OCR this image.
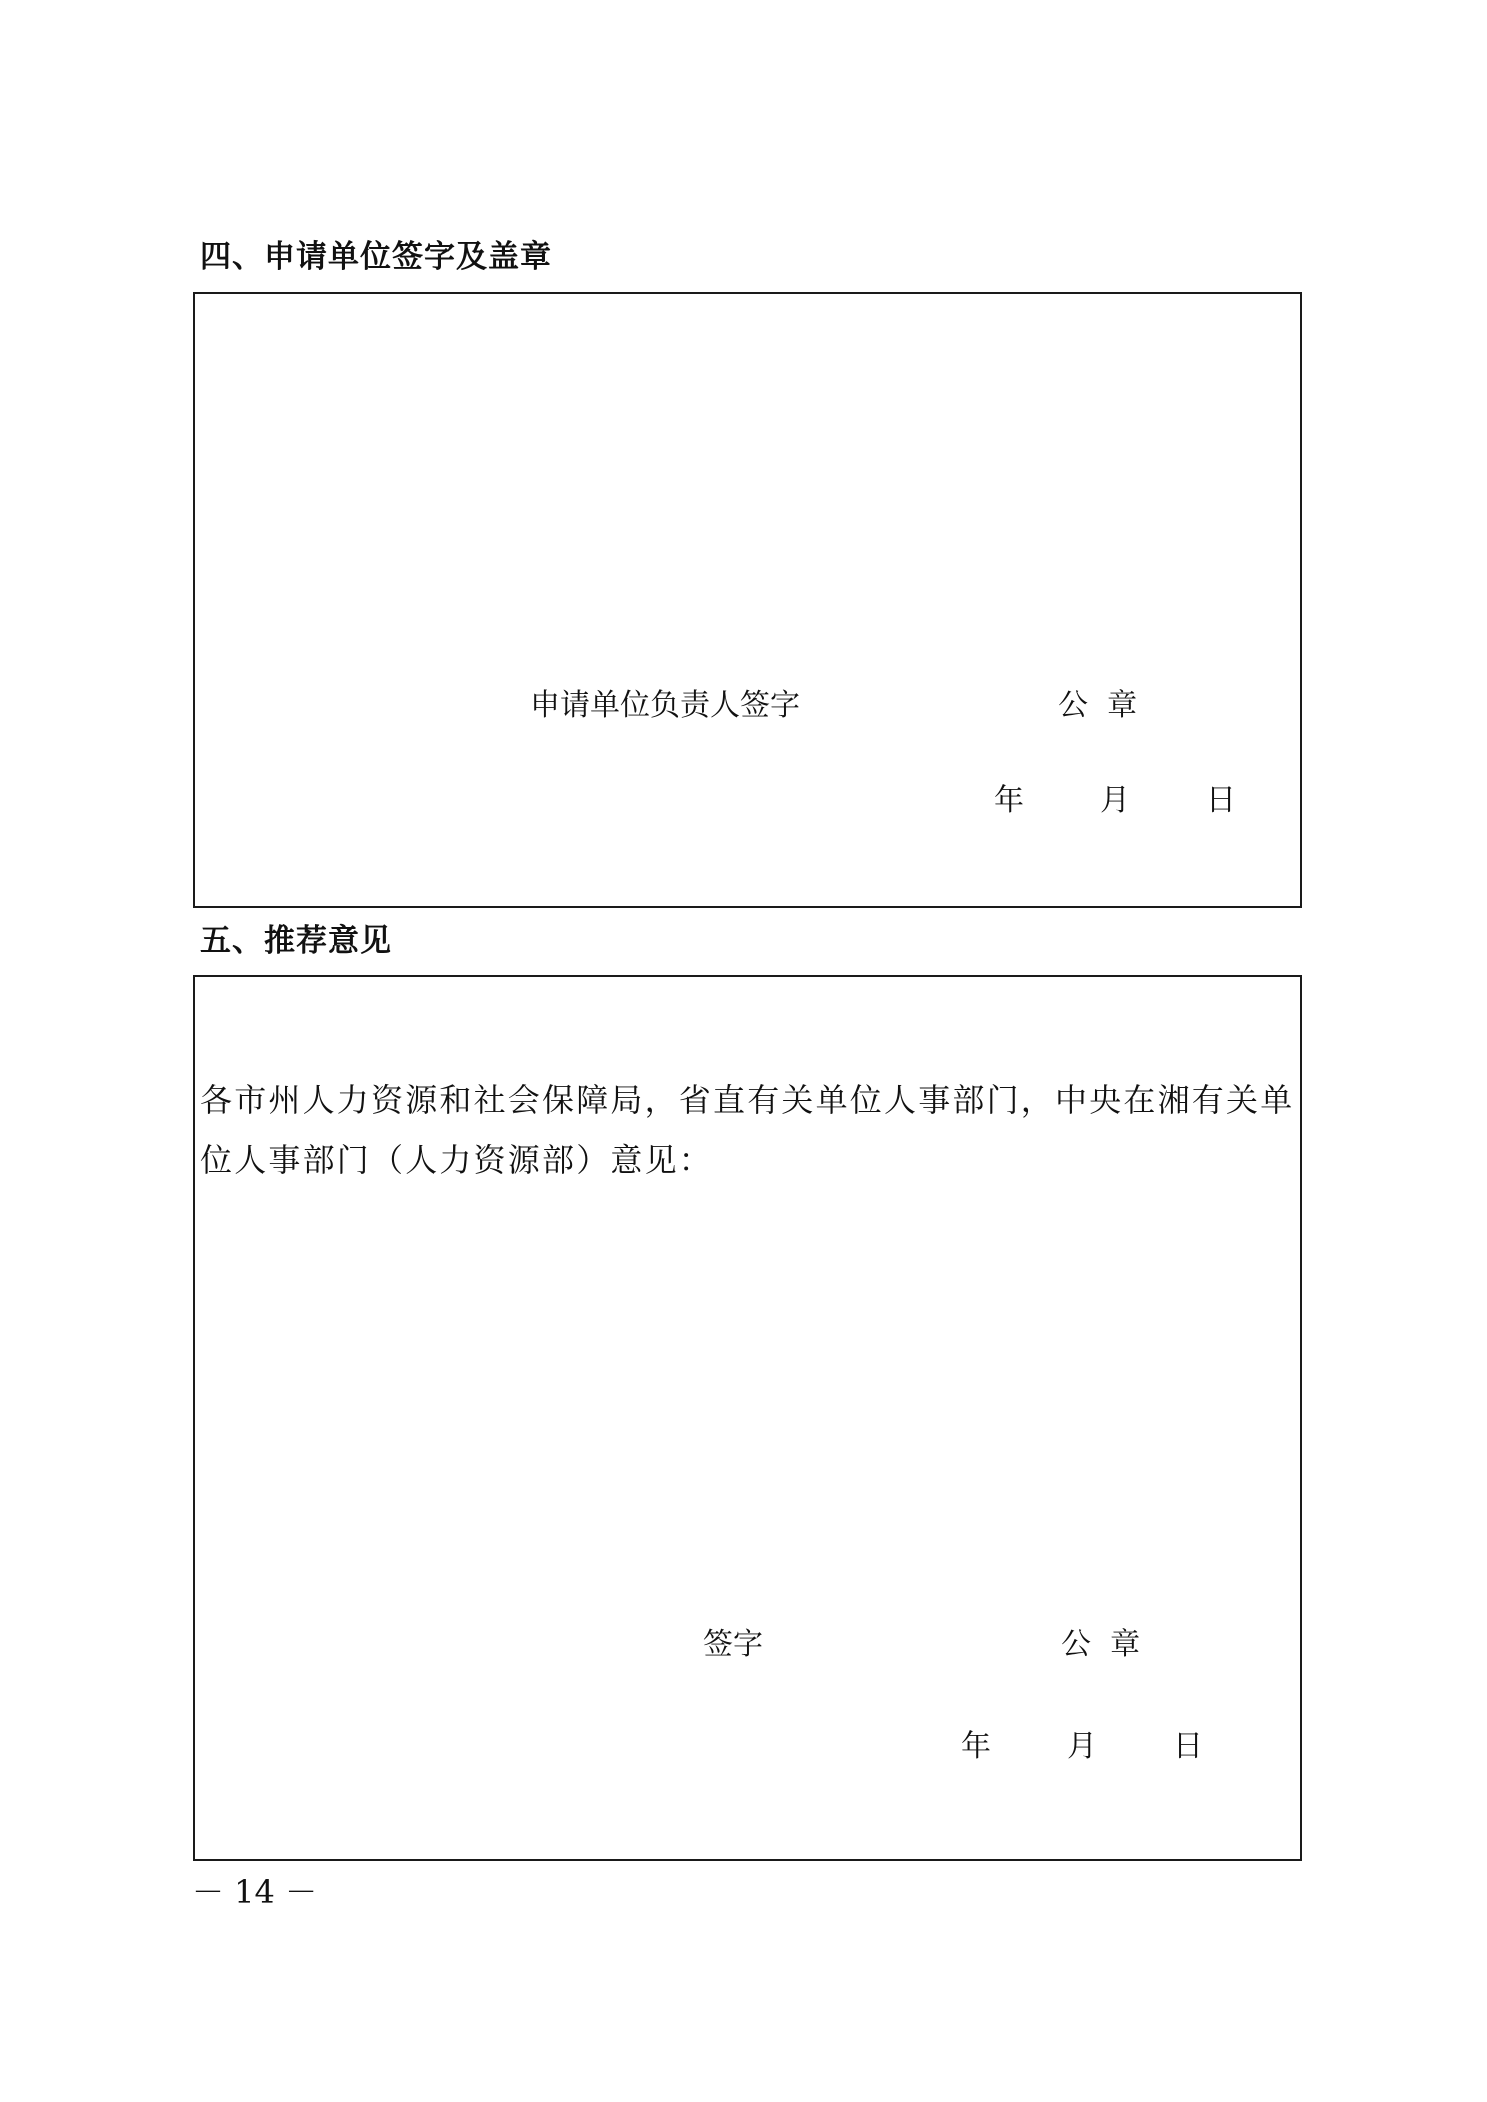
四、申请单位签字及盖章
申请单位负责人签字	公  章
年	月	日
五、推荐意见
各市州人力资源和社会保障局，省直有关单位人事部门，中央在湘有关单位人事部门（人力资源部）意见：
签字	公  章
年	月	日
－ 14 －
